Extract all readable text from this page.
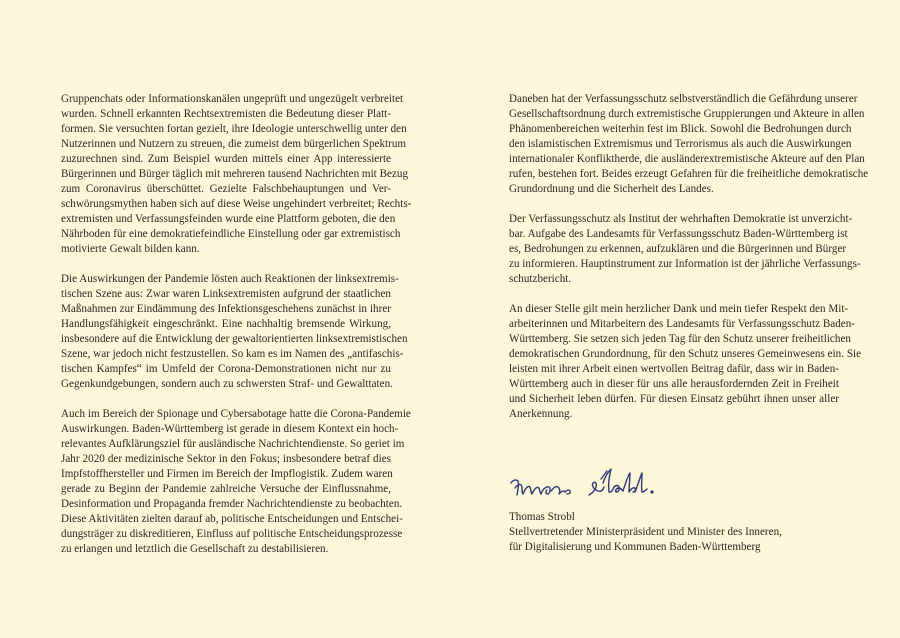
Gruppenchats oder Informationskanälen ungeprüft und ungezügelt verbreitet
wurden. Schnell erkannten Rechtsextremisten die Bedeutung dieser Platt-
formen. Sie versuchten fortan gezielt, ihre Ideologie unterschwellig unter den
Nutzerinnen und Nutzern zu streuen, die zumeist dem bürgerlichen Spektrum
zuzurechnen sind. Zum Beispiel wurden mittels einer App interessierte
Bürgerinnen und Bürger täglich mit mehreren tausend Nachrichten mit Bezug
zum Coronavirus überschüttet. Gezielte Falschbehauptungen und Ver-
schwörungsmythen haben sich auf diese Weise ungehindert verbreitet; Rechts-
extremisten und Verfassungsfeinden wurde eine Plattform geboten, die den
Nährboden für eine demokratiefeindliche Einstellung oder gar extremistisch
motivierte Gewalt bilden kann.
Die Auswirkungen der Pandemie lösten auch Reaktionen der linksextremis-
tischen Szene aus: Zwar waren Linksextremisten aufgrund der staatlichen
Maßnahmen zur Eindämmung des Infektionsgeschehens zunächst in ihrer
Handlungsfähigkeit eingeschränkt. Eine nachhaltig bremsende Wirkung,
insbesondere auf die Entwicklung der gewaltorientierten linksextremistischen
Szene, war jedoch nicht festzustellen. So kam es im Namen des „antifaschis-
tischen Kampfes“ im Umfeld der Corona-Demonstrationen nicht nur zu
Gegenkundgebungen, sondern auch zu schwersten Straf- und Gewalttaten.
Auch im Bereich der Spionage und Cybersabotage hatte die Corona-Pandemie
Auswirkungen. Baden-Württemberg ist gerade in diesem Kontext ein hoch-
relevantes Aufklärungsziel für ausländische Nachrichtendienste. So geriet im
Jahr 2020 der medizinische Sektor in den Fokus; insbesondere betraf dies
Impfstoffhersteller und Firmen im Bereich der Impflogistik. Zudem waren
gerade zu Beginn der Pandemie zahlreiche Versuche der Einflussnahme,
Desinformation und Propaganda fremder Nachrichtendienste zu beobachten.
Diese Aktivitäten zielten darauf ab, politische Entscheidungen und Entschei-
dungsträger zu diskreditieren, Einfluss auf politische Entscheidungsprozesse
zu erlangen und letztlich die Gesellschaft zu destabilisieren.
Daneben hat der Verfassungsschutz selbstverständlich die Gefährdung unserer
Gesellschaftsordnung durch extremistische Gruppierungen und Akteure in allen
Phänomenbereichen weiterhin fest im Blick. Sowohl die Bedrohungen durch
den islamistischen Extremismus und Terrorismus als auch die Auswirkungen
internationaler Konfliktherde, die ausländerextremistische Akteure auf den Plan
rufen, bestehen fort. Beides erzeugt Gefahren für die freiheitliche demokratische
Grundordnung und die Sicherheit des Landes.
Der Verfassungsschutz als Institut der wehrhaften Demokratie ist unverzicht-
bar. Aufgabe des Landesamts für Verfassungsschutz Baden-Württemberg ist
es, Bedrohungen zu erkennen, aufzuklären und die Bürgerinnen und Bürger
zu informieren. Hauptinstrument zur Information ist der jährliche Verfassungs-
schutzbericht.
An dieser Stelle gilt mein herzlicher Dank und mein tiefer Respekt den Mit-
arbeiterinnen und Mitarbeitern des Landesamts für Verfassungsschutz Baden-
Württemberg. Sie setzen sich jeden Tag für den Schutz unserer freiheitlichen
demokratischen Grundordnung, für den Schutz unseres Gemeinwesens ein. Sie
leisten mit ihrer Arbeit einen wertvollen Beitrag dafür, dass wir in Baden-
Württemberg auch in dieser für uns alle herausfordernden Zeit in Freiheit
und Sicherheit leben dürfen. Für diesen Einsatz gebührt ihnen unser aller
Anerkennung.
Thomas Strobl
Stellvertretender Ministerpräsident und Minister des Inneren,
für Digitalisierung und Kommunen Baden-Württemberg
